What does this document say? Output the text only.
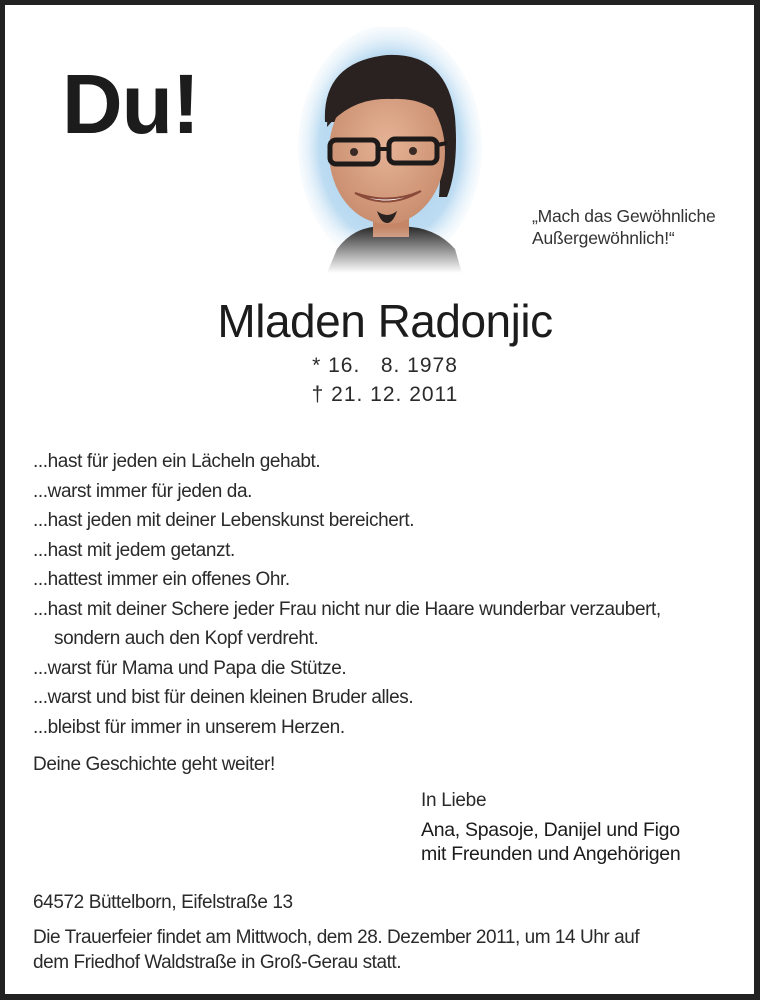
Du!
„Mach das Gewöhnliche
Außergewöhnlich!“
Mladen Radonjic
* 16.   8. 1978
† 21. 12. 2011
...hast für jeden ein Lächeln gehabt.
...warst immer für jeden da.
...hast jeden mit deiner Lebenskunst bereichert.
...hast mit jedem getanzt.
...hattest immer ein offenes Ohr.
...hast mit deiner Schere jeder Frau nicht nur die Haare wunderbar verzaubert,
sondern auch den Kopf verdreht.
...warst für Mama und Papa die Stütze.
...warst und bist für deinen kleinen Bruder alles.
...bleibst für immer in unserem Herzen.
Deine Geschichte geht weiter!
In Liebe
Ana, Spasoje, Danijel und Figo
mit Freunden und Angehörigen
64572 Büttelborn, Eifelstraße 13
Die Trauerfeier findet am Mittwoch, dem 28. Dezember 2011, um 14 Uhr auf
dem Friedhof Waldstraße in Groß-Gerau statt.
